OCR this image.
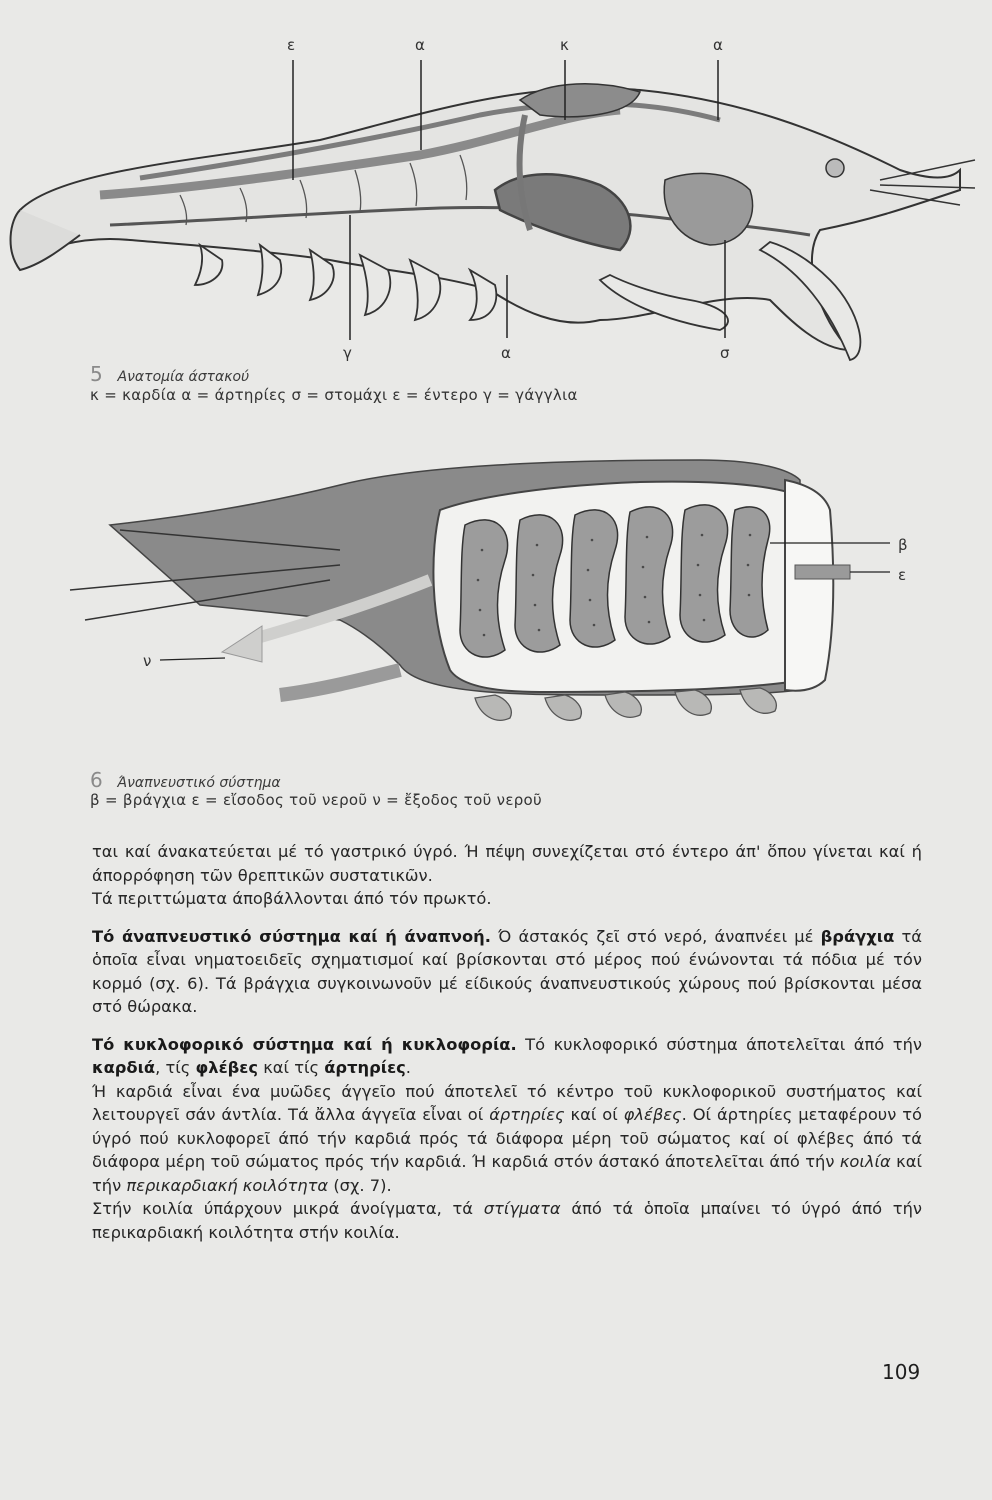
ε	α	κ	α
γ	α	σ
5 Ανατομία άστακού
κ = καρδία α = άρτηρίες σ = στομάχι ε = έντερο γ = γάγγλια
β
ε
ν
6 Άναπνευστικό σύστημα
β = βράγχια ε = εἴσοδος τοῦ νεροῦ ν = ἔξοδος τοῦ νεροῦ

ται καί άνακατεύεται μέ τό γαστρικό ύγρό. Ή πέψη συνεχίζεται στό έντερο άπ' ὅπου γίνεται καί ή άπορρόφηση τῶν θρεπτικῶν συστατικῶν.

Τά περιττώματα άποβάλλονται άπό τόν πρωκτό.

Τό άναπνευστικό σύστημα καί ή άναπνοή. Ό άστακός ζεῖ στό νερό, άναπνέει μέ βράγχια τά ὁποῖα εἶναι νηματοειδεῖς σχηματισμοί καί βρίσκονται στό μέρος πού ένώνονται τά πόδια μέ τόν κορμό (σχ. 6). Τά βράγχια συγκοινωνοῦν μέ είδικούς άναπνευστικούς χώρους πού βρίσκονται μέσα στό θώρακα.

Τό κυκλοφορικό σύστημα καί ή κυκλοφορία. Τό κυκλοφορικό σύστημα άποτελεῖται άπό τήν καρδιά, τίς φλέβες καί τίς άρτηρίες.

Ή καρδιά εἶναι ένα μυῶδες άγγεῖο πού άποτελεῖ τό κέντρο τοῦ κυκλοφορικοῦ συστήματος καί λειτουργεῖ σάν άντλία. Τά ἄλλα άγγεῖα εἶναι οί άρτηρίες καί οί φλέβες. Οί άρτηρίες μεταφέρουν τό ύγρό πού κυκλοφορεῖ άπό τήν καρδιά πρός τά διάφορα μέρη τοῦ σώματος καί οί φλέβες άπό τά διάφορα μέρη τοῦ σώματος πρός τήν καρδιά. Ή καρδιά στόν άστακό άποτελεῖται άπό τήν κοιλία καί τήν περικαρδιακή κοιλότητα (σχ. 7).

Στήν κοιλία ύπάρχουν μικρά άνοίγματα, τά στίγματα άπό τά ὁποῖα μπαίνει τό ύγρό άπό τήν περικαρδιακή κοιλότητα στήν κοιλία.

109
